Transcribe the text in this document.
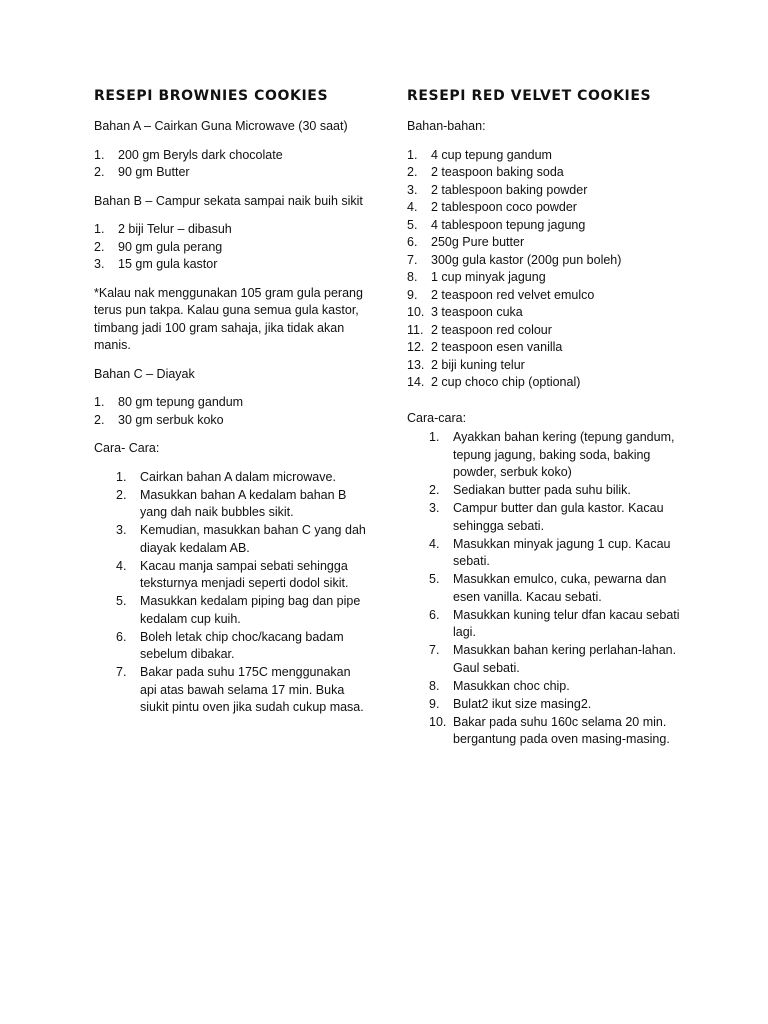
RESEPI BROWNIES COOKIES

Bahan A – Cairkan Guna Microwave (30 saat)

1. 200 gm Beryls dark chocolate
2. 90 gm Butter

Bahan B – Campur sekata sampai naik buih sikit

1. 2 biji Telur – dibasuh
2. 90 gm gula perang
3. 15 gm gula kastor

*Kalau nak menggunakan 105 gram gula perang terus pun takpa. Kalau guna semua gula kastor, timbang jadi 100 gram sahaja, jika tidak akan manis.

Bahan C – Diayak

1. 80 gm tepung gandum
2. 30 gm serbuk koko

Cara- Cara:

1. Cairkan bahan A dalam microwave.
2. Masukkan bahan A kedalam bahan B yang dah naik bubbles sikit.
3. Kemudian, masukkan bahan C yang dah diayak kedalam AB.
4. Kacau manja sampai sebati sehingga teksturnya menjadi seperti dodol sikit.
5. Masukkan kedalam piping bag dan pipe kedalam cup kuih.
6. Boleh letak chip choc/kacang badam sebelum dibakar.
7. Bakar pada suhu 175C menggunakan api atas bawah selama 17 min. Buka siukit pintu oven jika sudah cukup masa.
RESEPI RED VELVET COOKIES

Bahan-bahan:

1. 4 cup tepung gandum
2. 2 teaspoon baking soda
3. 2 tablespoon baking powder
4. 2 tablespoon coco powder
5. 4 tablespoon tepung jagung
6. 250g Pure butter
7. 300g gula kastor (200g pun boleh)
8. 1 cup minyak jagung
9. 2 teaspoon red velvet emulco
10. 3 teaspoon cuka
11. 2 teaspoon red colour
12. 2 teaspoon esen vanilla
13. 2 biji kuning telur
14. 2 cup choco chip (optional)

Cara-cara:

1. Ayakkan bahan kering (tepung gandum, tepung jagung, baking soda, baking powder, serbuk koko)
2. Sediakan butter pada suhu bilik.
3. Campur butter dan gula kastor. Kacau sehingga sebati.
4. Masukkan minyak jagung 1 cup. Kacau sebati.
5. Masukkan emulco, cuka, pewarna dan esen vanilla. Kacau sebati.
6. Masukkan kuning telur dfan kacau sebati lagi.
7. Masukkan bahan kering perlahan-lahan. Gaul sebati.
8. Masukkan choc chip.
9. Bulat2 ikut size masing2.
10. Bakar pada suhu 160c selama 20 min. bergantung pada oven masing-masing.
